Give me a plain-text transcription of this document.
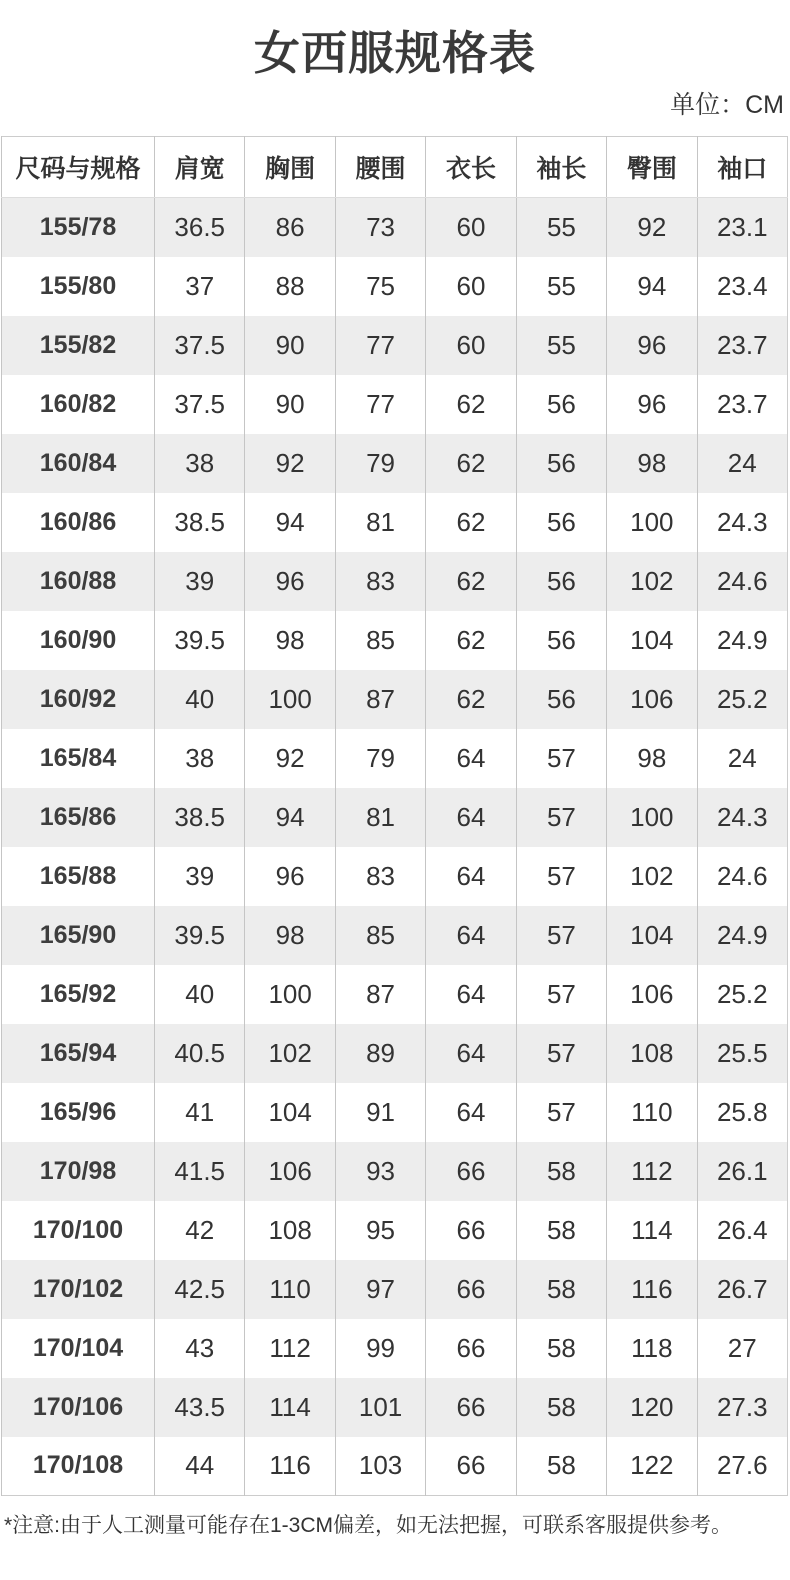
女西服规格表
单位：CM
尺码与规格	肩宽	胸围	腰围	衣长	袖长	臀围	袖口
155/78	36.5	86	73	60	55	92	23.1
155/80	37	88	75	60	55	94	23.4
155/82	37.5	90	77	60	55	96	23.7
160/82	37.5	90	77	62	56	96	23.7
160/84	38	92	79	62	56	98	24
160/86	38.5	94	81	62	56	100	24.3
160/88	39	96	83	62	56	102	24.6
160/90	39.5	98	85	62	56	104	24.9
160/92	40	100	87	62	56	106	25.2
165/84	38	92	79	64	57	98	24
165/86	38.5	94	81	64	57	100	24.3
165/88	39	96	83	64	57	102	24.6
165/90	39.5	98	85	64	57	104	24.9
165/92	40	100	87	64	57	106	25.2
165/94	40.5	102	89	64	57	108	25.5
165/96	41	104	91	64	57	110	25.8
170/98	41.5	106	93	66	58	112	26.1
170/100	42	108	95	66	58	114	26.4
170/102	42.5	110	97	66	58	116	26.7
170/104	43	112	99	66	58	118	27
170/106	43.5	114	101	66	58	120	27.3
170/108	44	116	103	66	58	122	27.6
*注意:由于人工测量可能存在1-3CM偏差，如无法把握，可联系客服提供参考。
